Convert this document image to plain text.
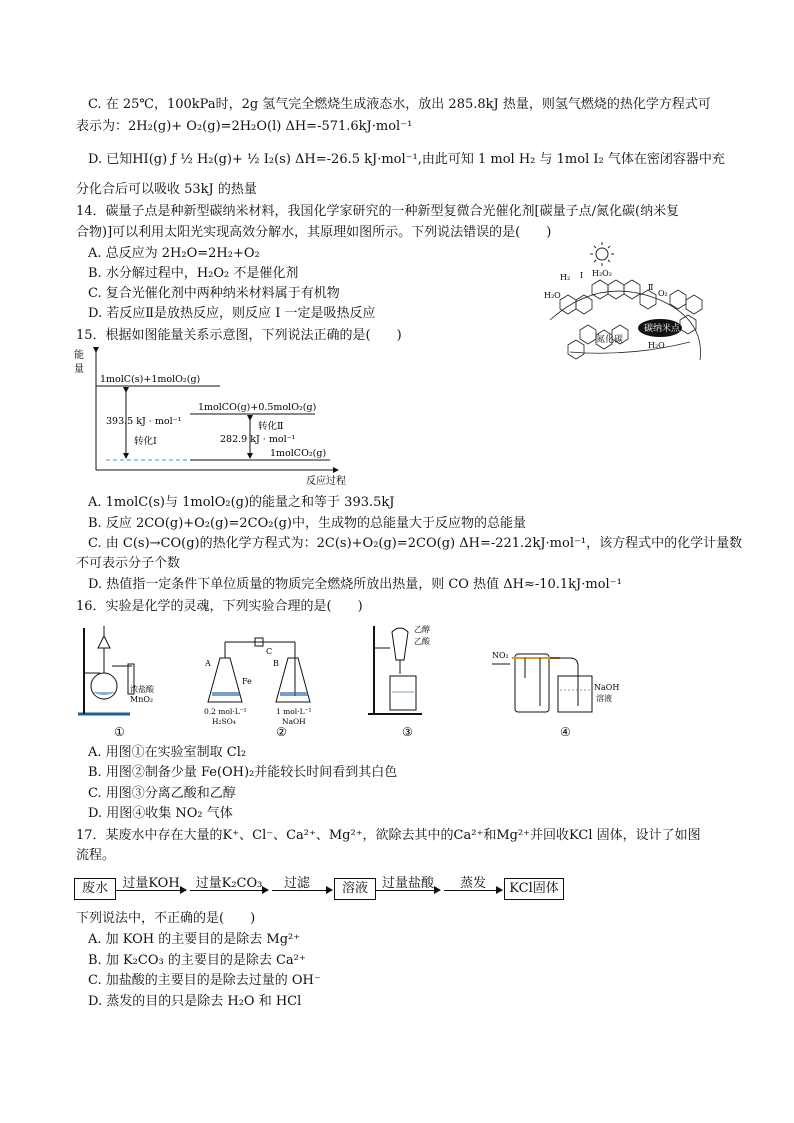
C. 在 25℃，100kPa时，2g 氢气完全燃烧生成液态水，放出 285.8kJ 热量，则氢气燃烧的热化学方程式可
表示为：2H₂(g)+ O₂(g)=2H₂O(l) ΔH=-571.6kJ·mol⁻¹
D. 已知HI(g) ƒ ½ H₂(g)+ ½ I₂(s) ΔH=-26.5 kJ·mol⁻¹,由此可知 1 mol H₂ 与 1mol I₂ 气体在密闭容器中充
分化合后可以吸收 53kJ 的热量
14．碳量子点是种新型碳纳米材料，我国化学家研究的一种新型复微合光催化剂[碳量子点/氮化碳(纳米复
合物)]可以利用太阳光实现高效分解水，其原理如图所示。下列说法错误的是(　　)
A. 总反应为 2H₂O=2H₂+O₂
B. 水分解过程中，H₂O₂ 不是催化剂
C. 复合光催化剂中两种纳米材料属于有机物
D. 若反应Ⅱ是放热反应，则反应 Ⅰ 一定是吸热反应
碳纳米点
氮化碳
H₂ Ⅰ H₂O₂
Ⅱ
O₂
H₂O
H₂O
15．根据如图能量关系示意图，下列说法正确的是(　　)
能
量
反应过程
1molC(s)+1molO₂(g)
1molCO(g)+0.5molO₂(g)
1molCO₂(g)
393.5 kJ · mol⁻¹
转化Ⅰ
转化Ⅱ
282.9 kJ · mol⁻¹
A. 1molC(s)与 1molO₂(g)的能量之和等于 393.5kJ
B. 反应 2CO(g)+O₂(g)=2CO₂(g)中，生成物的总能量大于反应物的总能量
C. 由 C(s)→CO(g)的热化学方程式为：2C(s)+O₂(g)=2CO(g) ΔH=-221.2kJ·mol⁻¹，该方程式中的化学计量数
不可表示分子个数
D. 热值指一定条件下单位质量的物质完全燃烧所放出热量，则 CO 热值 ΔH≈-10.1kJ·mol⁻¹
16．实验是化学的灵魂，下列实验合理的是(　　)
浓盐酸
MnO₂
A	B
C
Fe
0.2 mol·L⁻¹
H₂SO₄
1 mol·L⁻¹
NaOH
乙醇
乙酸
NO₂
NaOH
溶液
①	②	③	④
A. 用图①在实验室制取 Cl₂
B. 用图②制备少量 Fe(OH)₂并能较长时间看到其白色
C. 用图③分离乙酸和乙醇
D. 用图④收集 NO₂ 气体
17．某废水中存在大量的K⁺、Cl⁻、Ca²⁺、Mg²⁺，欲除去其中的Ca²⁺和Mg²⁺并回收KCl 固体，设计了如图
流程。
废水	过量KOH	过量K₂CO₃	过滤	溶液	过量盐酸	蒸发	KCl固体
下列说法中，不正确的是(　　)
A. 加 KOH 的主要目的是除去 Mg²⁺
B. 加 K₂CO₃ 的主要目的是除去 Ca²⁺
C. 加盐酸的主要目的是除去过量的 OH⁻
D. 蒸发的目的只是除去 H₂O 和 HCl
